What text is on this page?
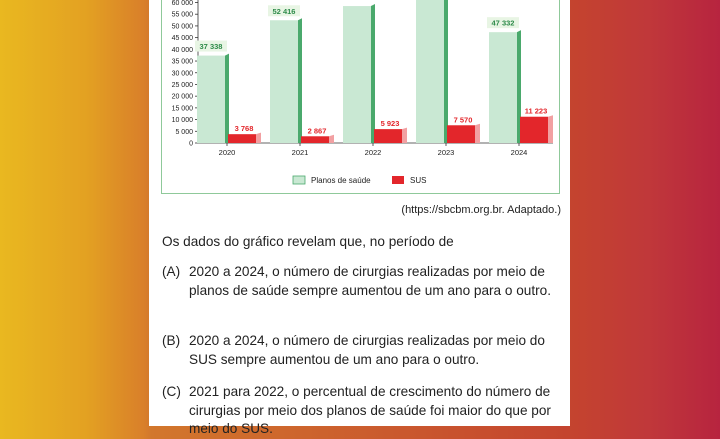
0
5 000
10 000
15 000
20 000
25 000
30 000
35 000
40 000
45 000
50 000
55 000
60 000
2020
37 338
3 768
2021
52 416
2 867
2022
5 923
2023
7 570
2024
47 332
11 223
Planos de saúde	SUS
(https://sbcbm.org.br. Adaptado.)
Os dados do gráfico revelam que, no período de
(A) 2020 a 2024, o número de cirurgias realizadas por meio de planos de saúde sempre aumentou de um ano para o outro.
(B) 2020 a 2024, o número de cirurgias realizadas por meio do SUS sempre aumentou de um ano para o outro.
(C) 2021 para 2022, o percentual de crescimento do número de cirurgias por meio dos planos de saúde foi maior do que por meio do SUS.
